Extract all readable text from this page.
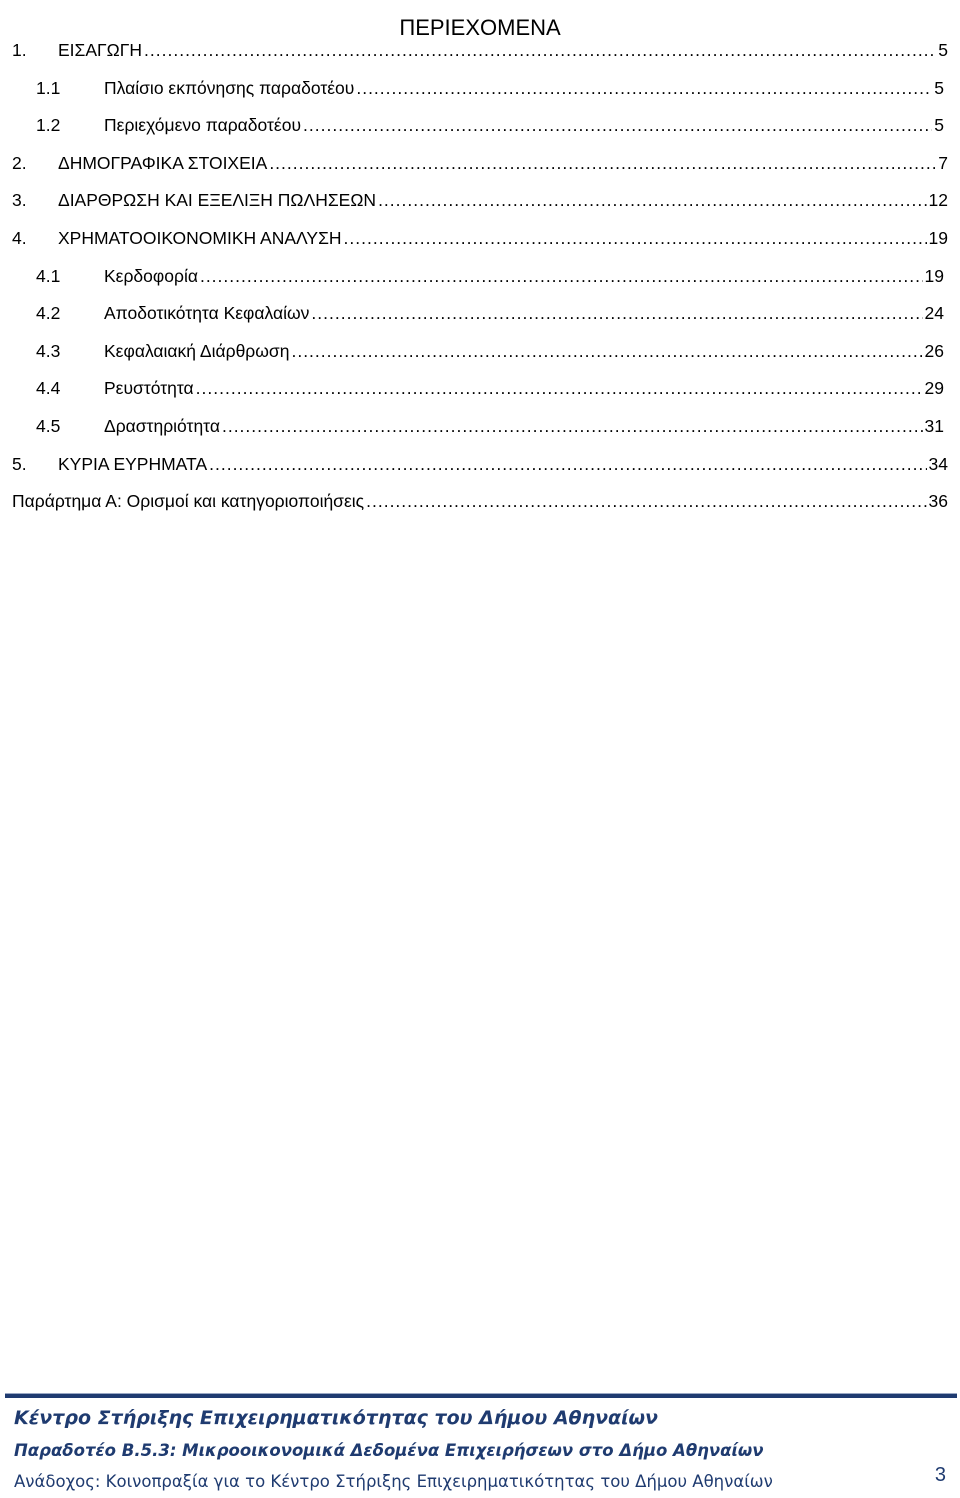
ΠΕΡΙΕΧΟΜΕΝΑ
1. ΕΙΣΑΓΩΓΗ .....	5
1.1 Πλαίσιο εκπόνησης παραδοτέου .....	5
1.2 Περιεχόμενο παραδοτέου .....	5
2. ΔΗΜΟΓΡΑΦΙΚΑ ΣΤΟΙΧΕΙΑ .....	7
3. ΔΙΑΡΘΡΩΣΗ ΚΑΙ ΕΞΕΛΙΞΗ ΠΩΛΗΣΕΩΝ .....	12
4. ΧΡΗΜΑΤΟΟΙΚΟΝΟΜΙΚΗ ΑΝΑΛΥΣΗ .....	19
4.1 Κερδοφορία .....	19
4.2 Αποδοτικότητα Κεφαλαίων .....	24
4.3 Κεφαλαιακή Διάρθρωση .....	26
4.4 Ρευστότητα .....	29
4.5 Δραστηριότητα .....	31
5. ΚΥΡΙΑ ΕΥΡΗΜΑΤΑ .....	34
Παράρτημα Α: Ορισμοί και κατηγοριοποιήσεις .....	36
Κέντρο Στήριξης Επιχειρηματικότητας του Δήμου Αθηναίων
Παραδοτέο Β.5.3: Μικροοικονομικά Δεδομένα Επιχειρήσεων στο Δήμο Αθηναίων
Ανάδοχος: Κοινοπραξία για το Κέντρο Στήριξης Επιχειρηματικότητας του Δήμου Αθηναίων	3
